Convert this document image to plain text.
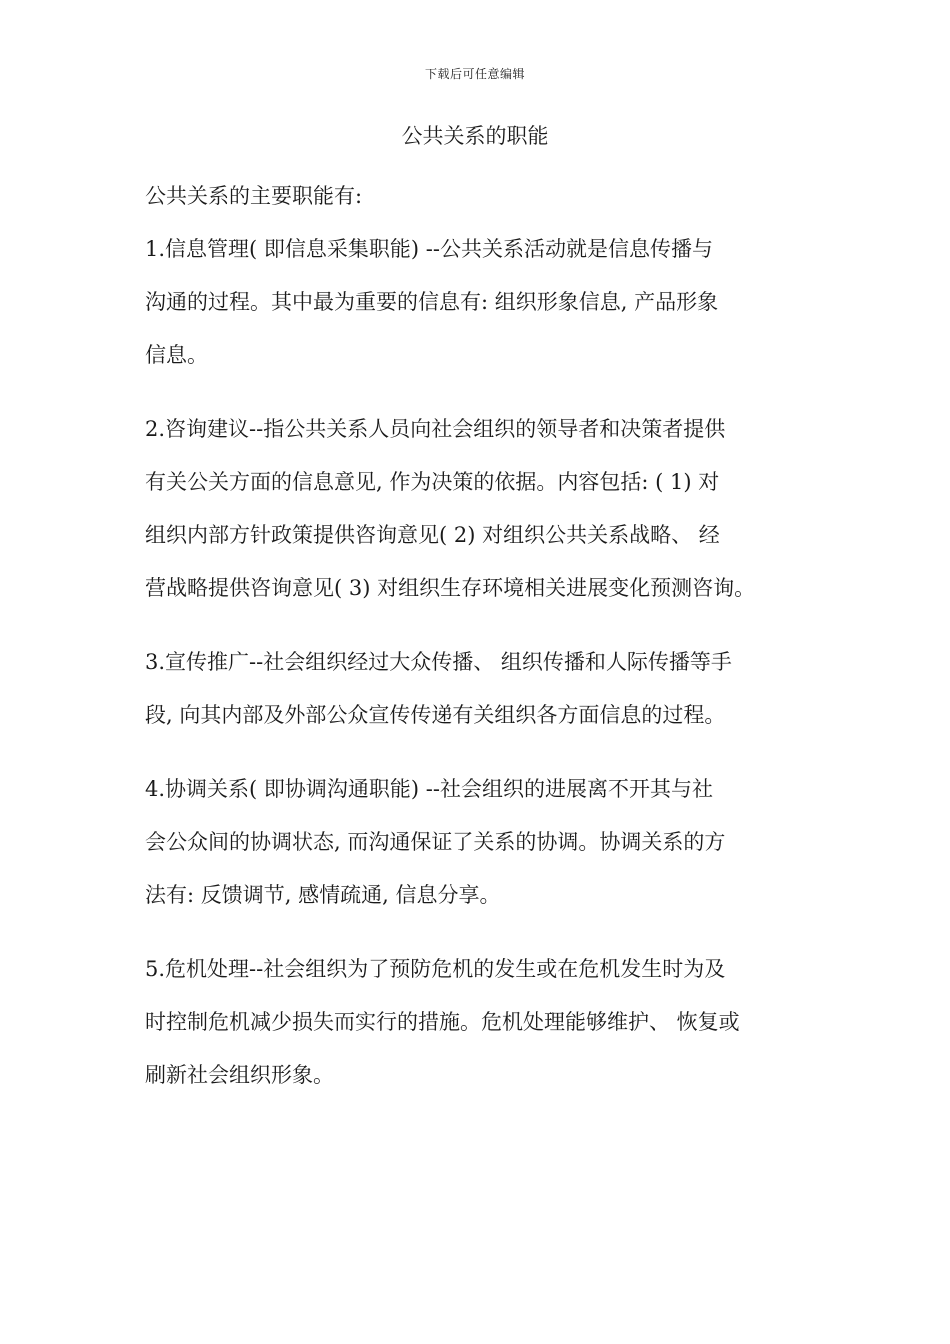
下载后可任意编辑
公共关系的职能
公共关系的主要职能有:
1.信息管理( 即信息采集职能) --公共关系活动就是信息传播与
沟通的过程。其中最为重要的信息有: 组织形象信息, 产品形象
信息。
2.咨询建议--指公共关系人员向社会组织的领导者和决策者提供
有关公关方面的信息意见, 作为决策的依据。内容包括: ( 1) 对
组织内部方针政策提供咨询意见( 2) 对组织公共关系战略、 经
营战略提供咨询意见( 3) 对组织生存环境相关进展变化预测咨询。
3.宣传推广--社会组织经过大众传播、 组织传播和人际传播等手
段, 向其内部及外部公众宣传传递有关组织各方面信息的过程。
4.协调关系( 即协调沟通职能) --社会组织的进展离不开其与社
会公众间的协调状态, 而沟通保证了关系的协调。协调关系的方
法有: 反馈调节, 感情疏通, 信息分享。
5.危机处理--社会组织为了预防危机的发生或在危机发生时为及
时控制危机减少损失而实行的措施。危机处理能够维护、 恢复或
刷新社会组织形象。
